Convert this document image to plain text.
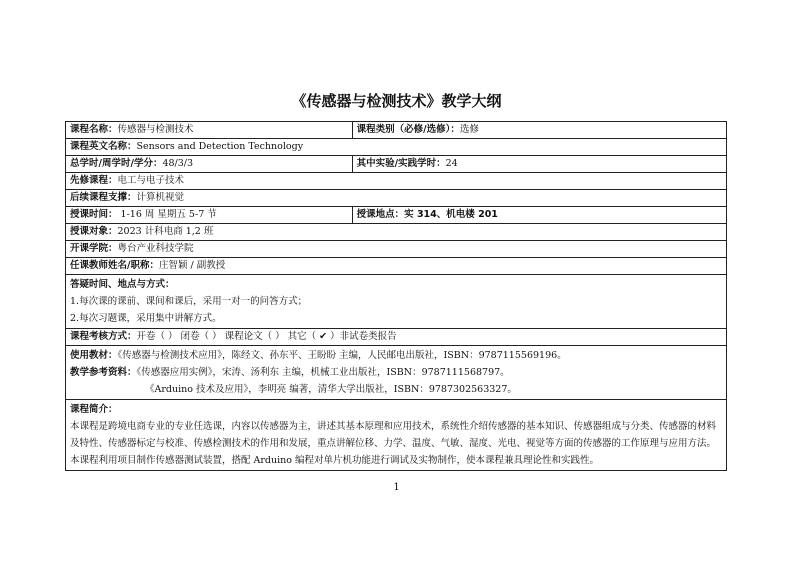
《传感器与检测技术》教学大纲
课程名称：传感器与检测技术	课程类别（必修/选修）：选修
课程英文名称：Sensors and Detection Technology	
总学时/周学时/学分：48/3/3	其中实验/实践学时：24
先修课程：电工与电子技术	
后续课程支撑：计算机视觉	
授课时间： 1-16 周 星期五 5-7 节	授课地点：实 314、机电楼 201
授课对象：2023 计科电商 1,2 班	
开课学院：粤台产业科技学院	
任课教师姓名/职称：庄智颖 / 副教授	
答疑时间、地点与方式：
1.每次课的课前、课间和课后，采用一对一的问答方式；
2.每次习题课，采用集中讲解方式。	
课程考核方式：开卷（ ） 闭卷（ ） 课程论文（ ） 其它（ ✔ ）非试卷类报告	
使用教材：《传感器与检测技术应用》，陈经文、孙东平、王盼盼 主编，人民邮电出版社，ISBN：9787115569196。
教学参考资料：《传感器应用实例》，宋涛、汤利东 主编，机械工业出版社，ISBN：9787111568797。
《Arduino 技术及应用》，李明亮 编著，清华大学出版社，ISBN：9787302563327。	
课程简介：
本课程是跨境电商专业的专业任选课，内容以传感器为主，讲述其基本原理和应用技术，系统性介绍传感器的基本知识、传感器组成与分类、传感器的材料及特性、传感器标定与校准、传感检测技术的作用和发展，重点讲解位移、力学、温度、气敏、湿度、光电、视觉等方面的传感器的工作原理与应用方法。本课程利用项目制作传感器测试装置，搭配 Arduino 编程对单片机功能进行调试及实物制作，使本课程兼具理论性和实践性。	
1
